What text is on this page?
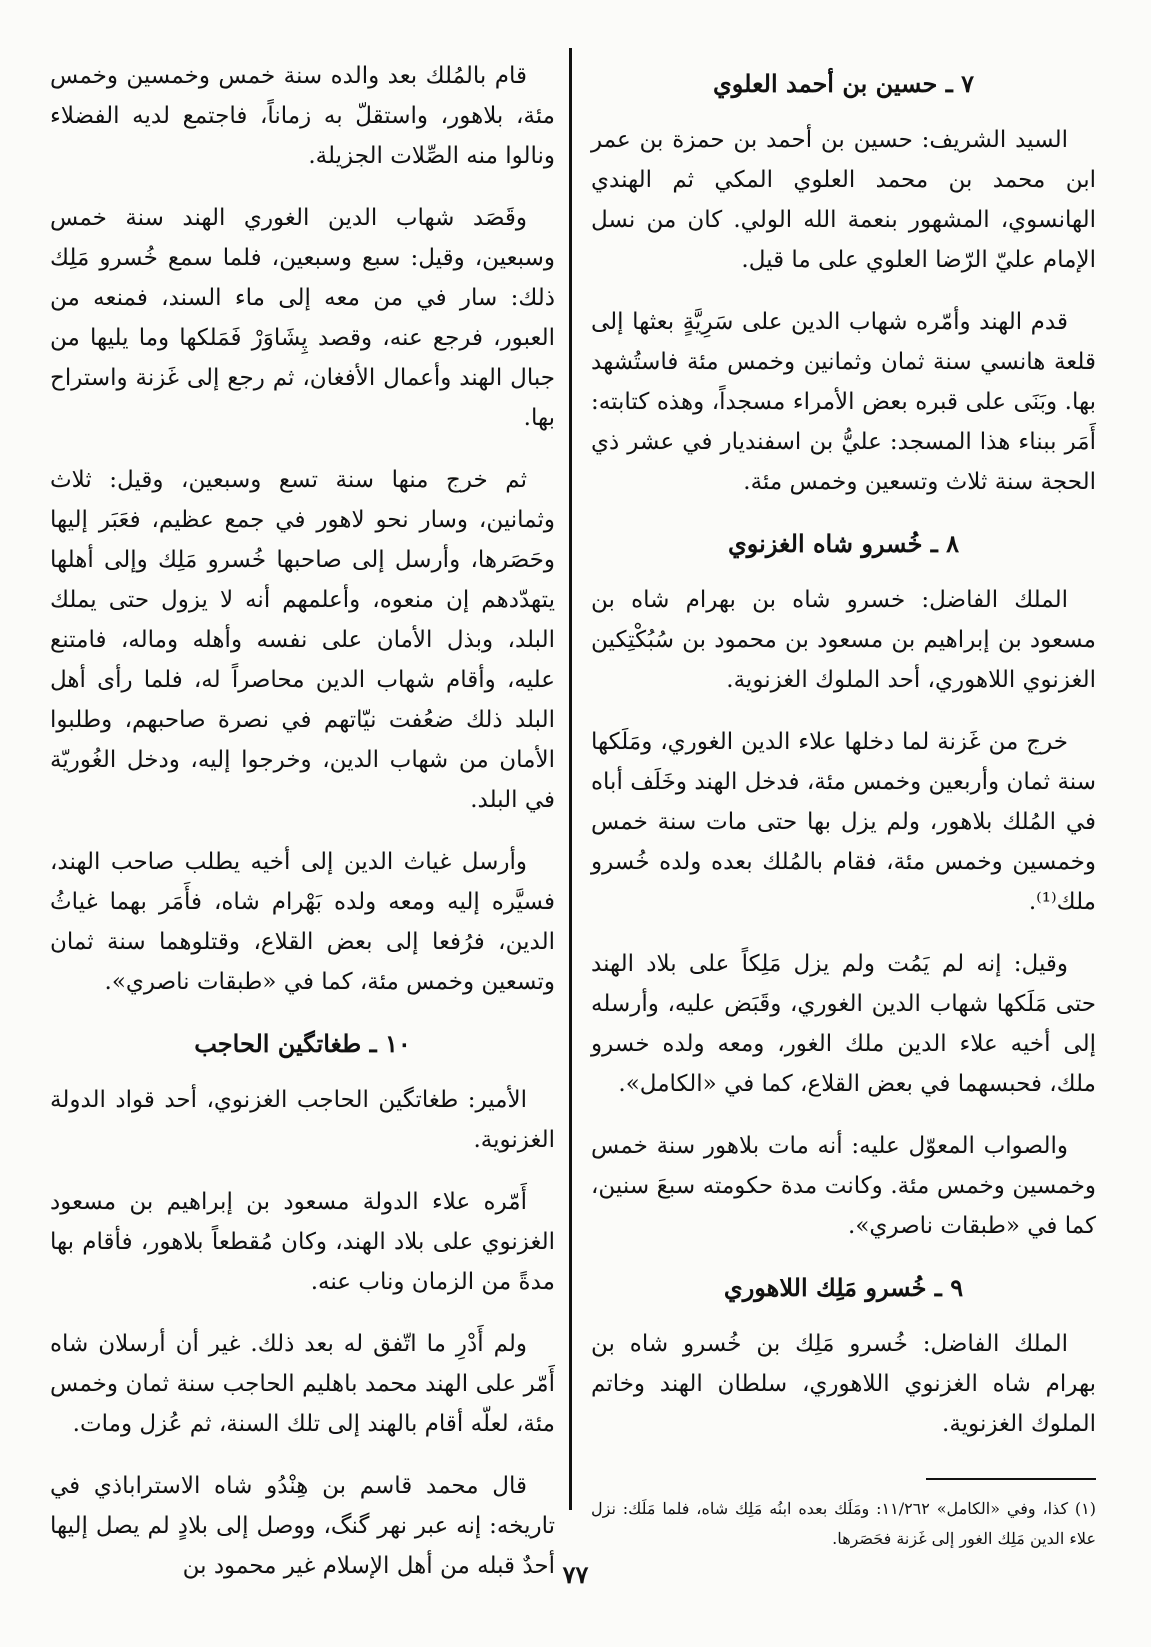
٧ ـ حسين بن أحمد العلوي

السيد الشريف: حسين بن أحمد بن حمزة بن عمر ابن محمد بن محمد العلوي المكي ثم الهندي الهانسوي، المشهور بنعمة الله الولي. كان من نسل الإمام عليّ الرّضا العلوي على ما قيل.

قدم الهند وأمّره شهاب الدين على سَرِيَّةٍ بعثها إلى قلعة هانسي سنة ثمان وثمانين وخمس مئة فاستُشهد بها. وبَنَى على قبره بعض الأمراء مسجداً، وهذه كتابته: أَمَر ببناء هذا المسجد: عليُّ بن اسفنديار في عشر ذي الحجة سنة ثلاث وتسعين وخمس مئة.

٨ ـ خُسرو شاه الغزنوي

الملك الفاضل: خسرو شاه بن بهرام شاه بن مسعود بن إبراهيم بن مسعود بن محمود بن سُبُكْتِكين الغزنوي اللاهوري، أحد الملوك الغزنوية.

خرج من غَزنة لما دخلها علاء الدين الغوري، ومَلَكها سنة ثمان وأربعين وخمس مئة، فدخل الهند وخَلَف أباه في المُلك بلاهور، ولم يزل بها حتى مات سنة خمس وخمسين وخمس مئة، فقام بالمُلك بعده ولده خُسرو ملك⁽¹⁾.

وقيل: إنه لم يَمُت ولم يزل مَلِكاً على بلاد الهند حتى مَلَكها شهاب الدين الغوري، وقَبَض عليه، وأرسله إلى أخيه علاء الدين ملك الغور، ومعه ولده خسرو ملك، فحبسهما في بعض القلاع، كما في «الكامل».

والصواب المعوّل عليه: أنه مات بلاهور سنة خمس وخمسين وخمس مئة. وكانت مدة حكومته سبعَ سنين، كما في «طبقات ناصري».

٩ ـ خُسرو مَلِك اللاهوري

الملك الفاضل: خُسرو مَلِك بن خُسرو شاه بن بهرام شاه الغزنوي اللاهوري، سلطان الهند وخاتم الملوك الغزنوية.

(١) كذا، وفي «الكامل» ١١/٢٦٢: ومَلَك بعده ابنُه مَلِك شاه، فلما مَلَك: نزل علاء الدين مَلِك الغور إلى غَزنة فحَصَرها.

قام بالمُلك بعد والده سنة خمس وخمسين وخمس مئة، بلاهور، واستقلّ به زماناً، فاجتمع لديه الفضلاء ونالوا منه الصِّلات الجزيلة.

وقَصَد شهاب الدين الغوري الهند سنة خمس وسبعين، وقيل: سبع وسبعين، فلما سمع خُسرو مَلِك ذلك: سار في من معه إلى ماء السند، فمنعه من العبور، فرجع عنه، وقصد پِشَاوَرْ فَمَلكها وما يليها من جبال الهند وأعمال الأفغان، ثم رجع إلى غَزنة واستراح بها.

ثم خرج منها سنة تسع وسبعين، وقيل: ثلاث وثمانين، وسار نحو لاهور في جمع عظيم، فعَبَر إليها وحَصَرها، وأرسل إلى صاحبها خُسرو مَلِك وإلى أهلها يتهدّدهم إن منعوه، وأعلمهم أنه لا يزول حتى يملك البلد، وبذل الأمان على نفسه وأهله وماله، فامتنع عليه، وأقام شهاب الدين محاصراً له، فلما رأى أهل البلد ذلك ضعُفت نيّاتهم في نصرة صاحبهم، وطلبوا الأمان من شهاب الدين، وخرجوا إليه، ودخل الغُوريّة في البلد.

وأرسل غياث الدين إلى أخيه يطلب صاحب الهند، فسيَّره إليه ومعه ولده بَهْرام شاه، فأَمَر بهما غياثُ الدين، فرُفعا إلى بعض القلاع، وقتلوهما سنة ثمان وتسعين وخمس مئة، كما في «طبقات ناصري».

١٠ ـ طغاتگين الحاجب

الأمير: طغاتگين الحاجب الغزنوي، أحد قواد الدولة الغزنوية.

أَمّره علاء الدولة مسعود بن إبراهيم بن مسعود الغزنوي على بلاد الهند، وكان مُقطعاً بلاهور، فأقام بها مدةً من الزمان وناب عنه.

ولم أَدْرِ ما اتّفق له بعد ذلك. غير أن أرسلان شاه أَمّر على الهند محمد باهليم الحاجب سنة ثمان وخمس مئة، لعلّه أقام بالهند إلى تلك السنة، ثم عُزل ومات.

قال محمد قاسم بن هِنْدُو شاه الاستراباذي في تاريخه: إنه عبر نهر گنگ، ووصل إلى بلادٍ لم يصل إليها أحدٌ قبله من أهل الإسلام غير محمود بن ٧٧
